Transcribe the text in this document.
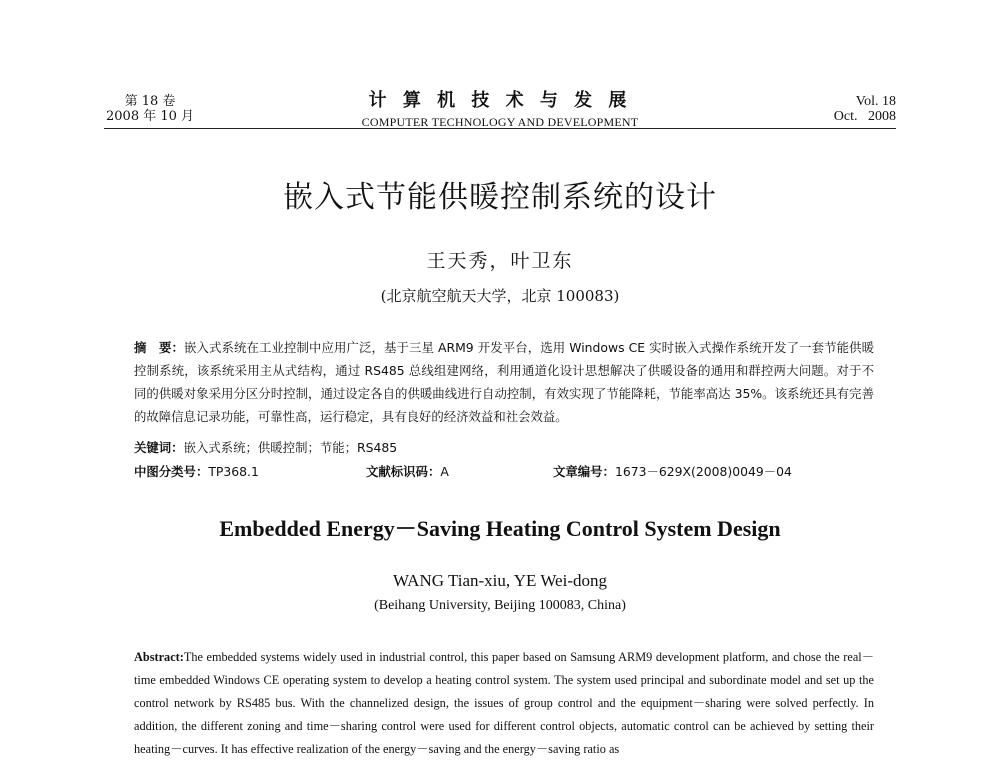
第 18 卷
2008 年 10 月
计 算 机 技 术 与 发 展
COMPUTER TECHNOLOGY AND DEVELOPMENT
Vol. 18
Oct.   2008
嵌入式节能供暖控制系统的设计
王天秀，叶卫东
(北京航空航天大学，北京 100083)
摘　要：嵌入式系统在工业控制中应用广泛，基于三星 ARM9 开发平台，选用 Windows CE 实时嵌入式操作系统开发了一套节能供暖控制系统，该系统采用主从式结构，通过 RS485 总线组建网络，利用通道化设计思想解决了供暖设备的通用和群控两大问题。对于不同的供暖对象采用分区分时控制，通过设定各自的供暖曲线进行自动控制，有效实现了节能降耗，节能率高达 35%。该系统还具有完善的故障信息记录功能，可靠性高，运行稳定，具有良好的经济效益和社会效益。
关键词：嵌入式系统；供暖控制；节能；RS485
中图分类号：TP368.1	文献标识码：A	文章编号：1673－629X(2008)0049－04
Embedded Energy－Saving Heating Control System Design
WANG Tian-xiu, YE Wei-dong
(Beihang University, Beijing 100083, China)
Abstract:The embedded systems widely used in industrial control, this paper based on Samsung ARM9 development platform, and chose the real－time embedded Windows CE operating system to develop a heating control system. The system used principal and subordinate model and set up the control network by RS485 bus. With the channelized design, the issues of group control and the equipment－sharing were solved perfectly. In addition, the different zoning and time－sharing control were used for different control objects, automatic control can be achieved by setting their heating－curves. It has effective realization of the energy－saving and the energy－saving ratio as
